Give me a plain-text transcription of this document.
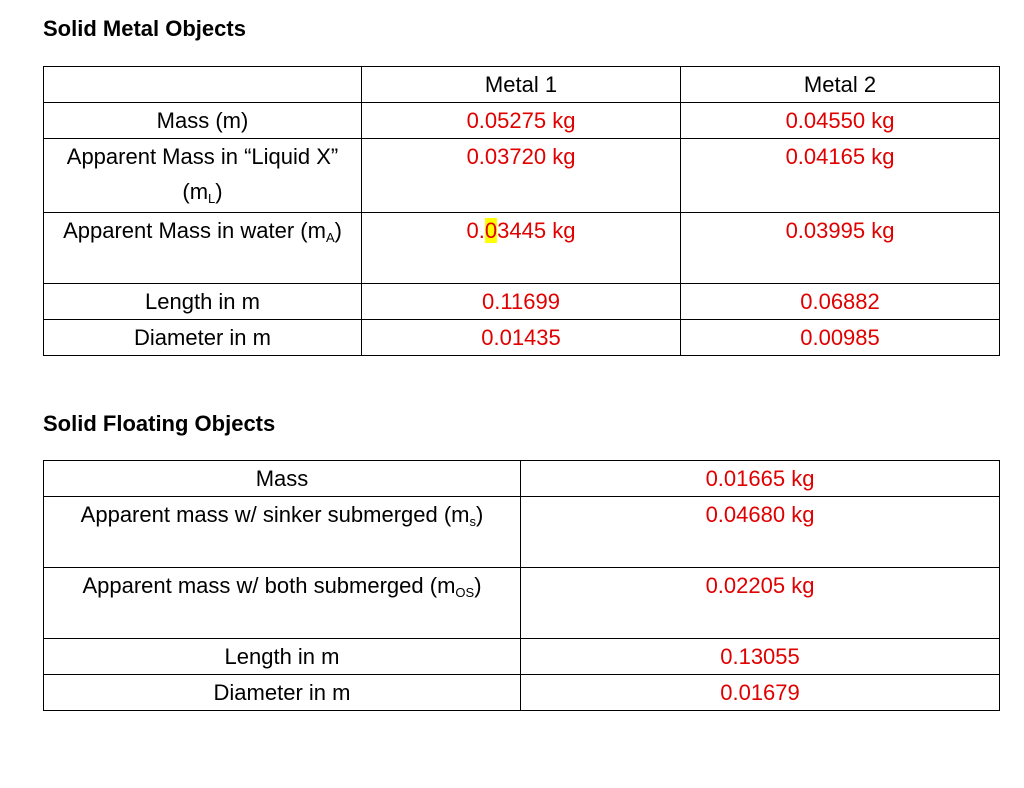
Solid Metal Objects
	Metal 1	Metal 2
Mass (m)	0.05275 kg	0.04550 kg
Apparent Mass in “Liquid X” $(m_L)$	0.03720 kg	0.04165 kg
Apparent Mass in water $(m_A)$	0.03445 kg	0.03995 kg
Length in m	0.11699	0.06882
Diameter in m	0.01435	0.00985
Solid Floating Objects
Mass	0.01665 kg
Apparent mass w/ sinker submerged $(m_s)$	0.04680 kg
Apparent mass w/ both submerged $(m_{OS})$	0.02205 kg
Length in m	0.13055
Diameter in m	0.01679
